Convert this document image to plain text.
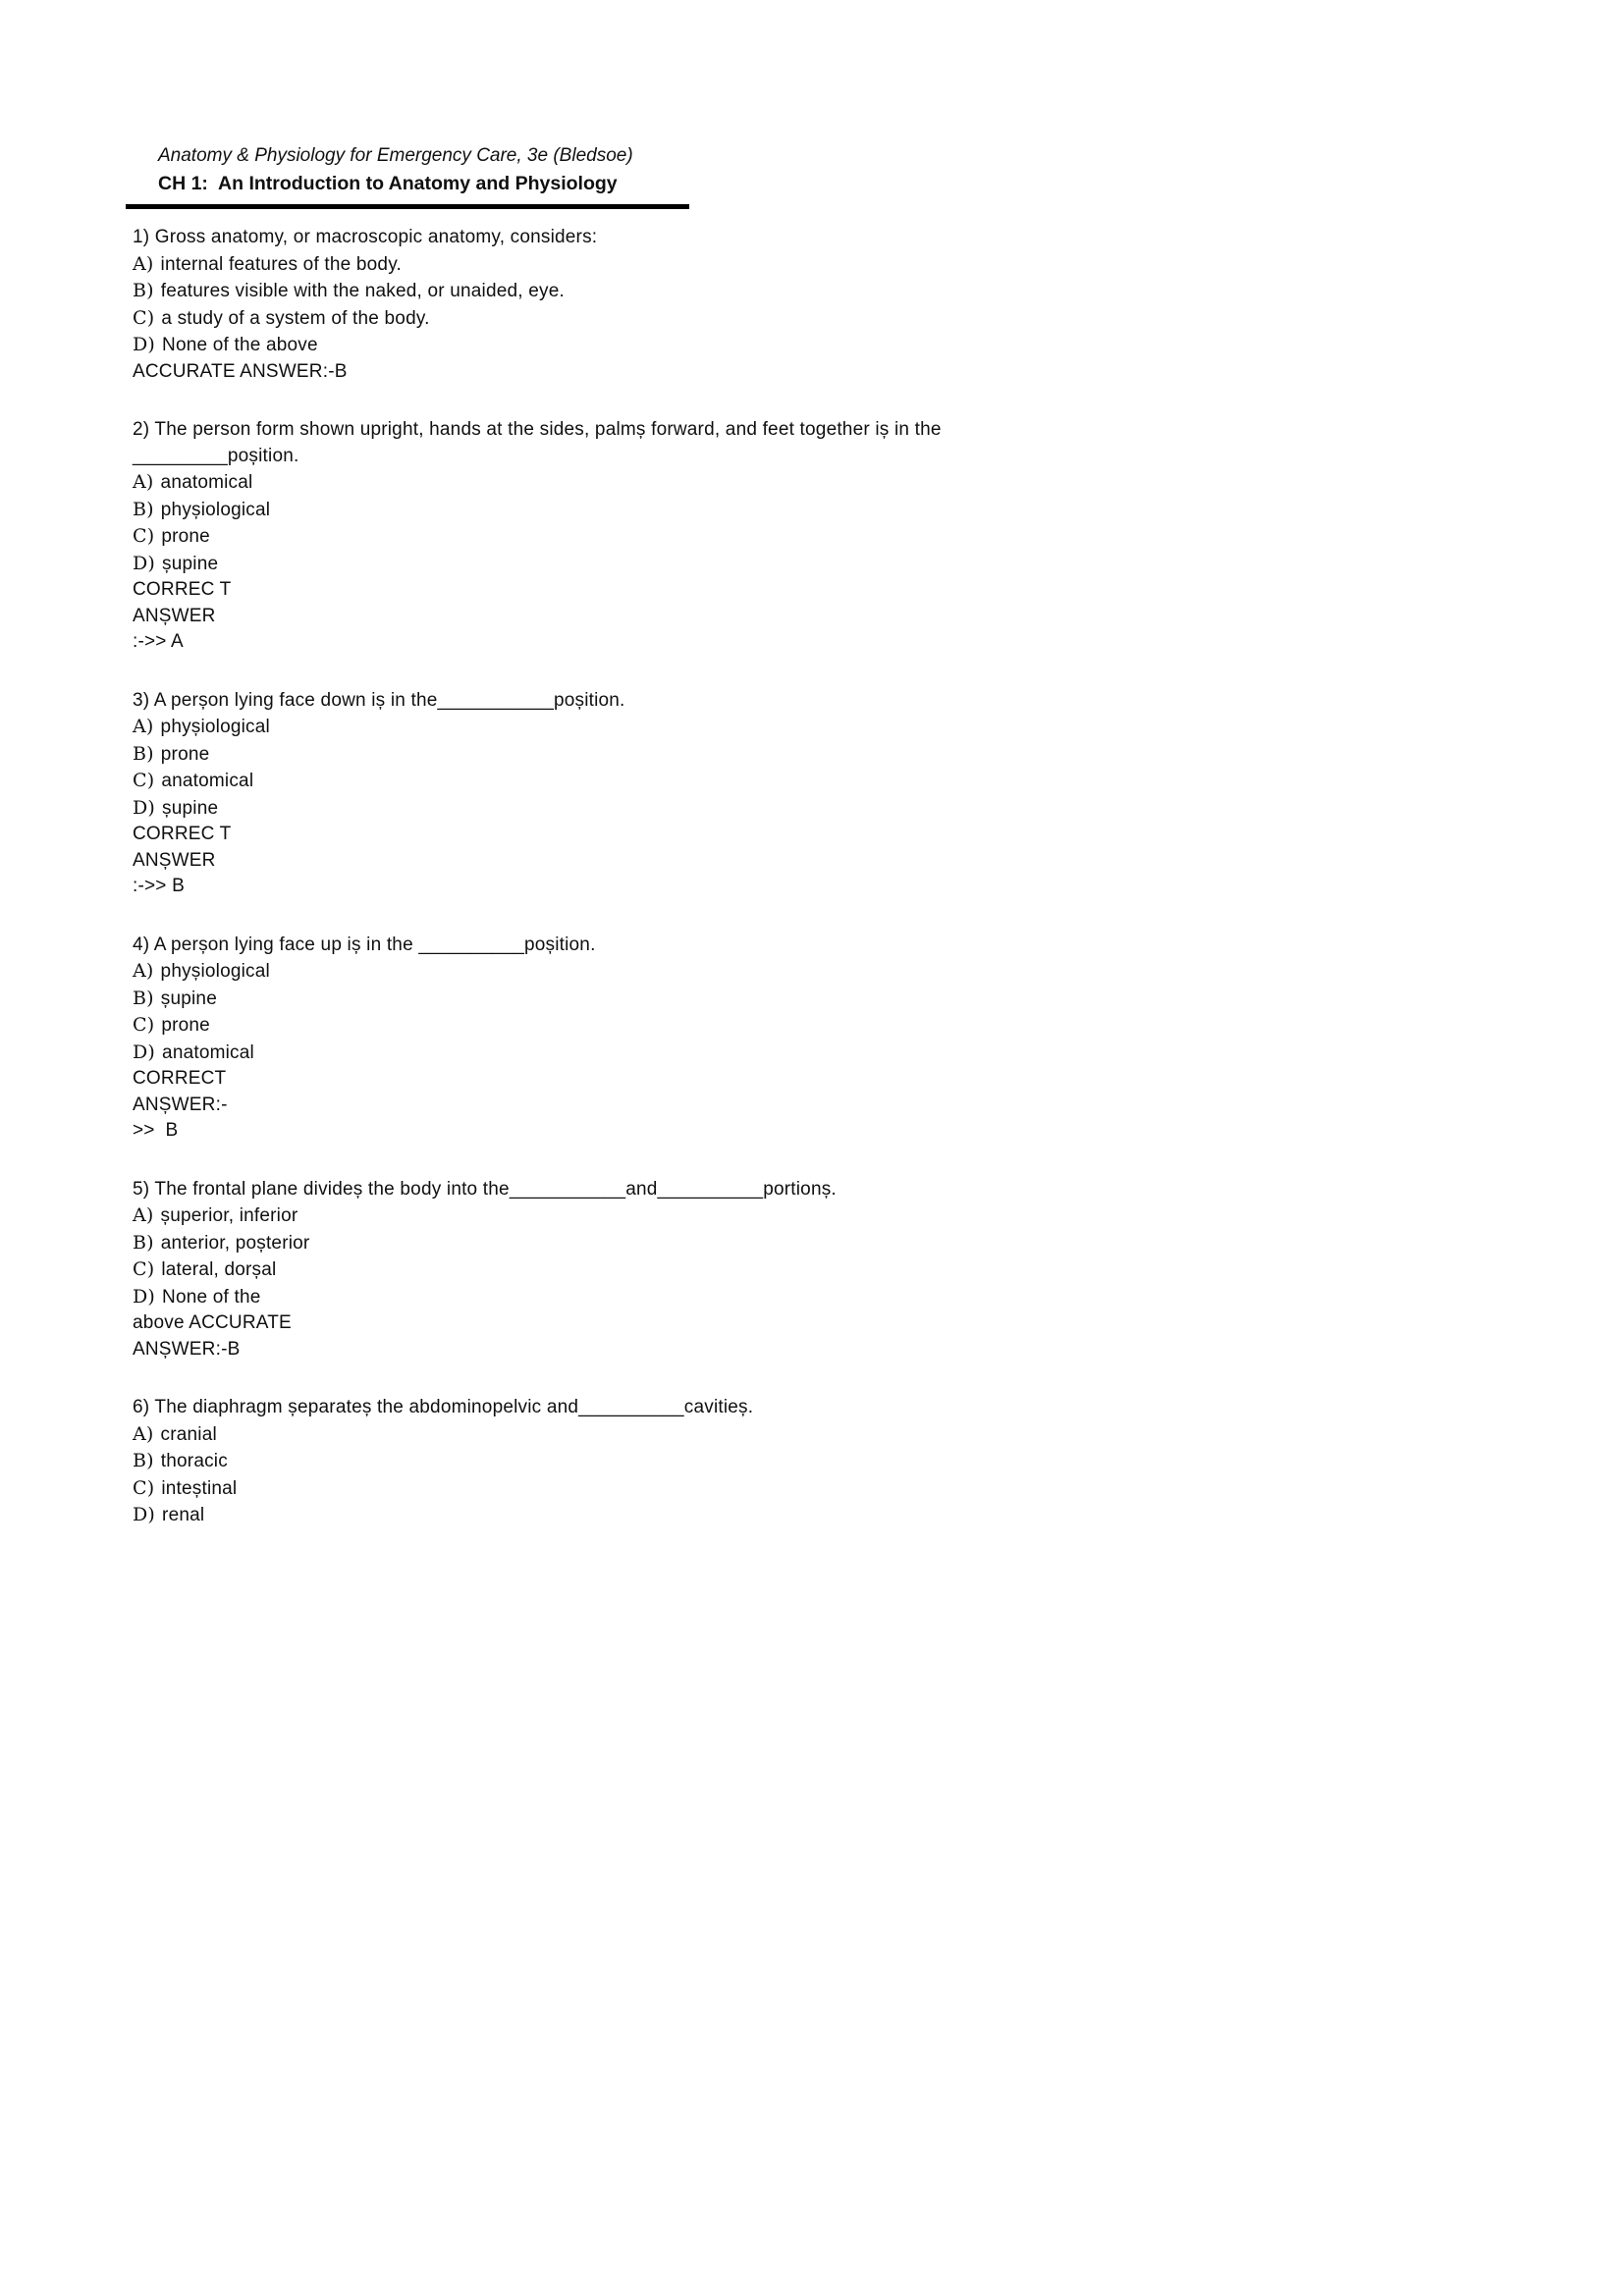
Anatomy & Physiology for Emergency Care, 3e (Bledsoe)
CH 1:  An Introduction to Anatomy and Physiology
1) Gross anatomy, or macroscopic anatomy, considers:
A) internal features of the body.
B) features visible with the naked, or unaided, eye.
C) a study of a system of the body.
D) None of the above
ACCURATE ANSWER:-B
2) The person form shown upright, hands at the sides, palmș forward, and feet together iș in the
_________poșition.
A) anatomical
B) phyșiological
C) prone
D) șupine
CORREC T
ANȘWER
:->> A
3) A perșon lying face down iș in the___________poșition.
A) phyșiological
B) prone
C) anatomical
D) șupine
CORREC T
ANȘWER
:->> B
4) A perșon lying face up iș in the __________poșition.
A) phyșiological
B) șupine
C) prone
D) anatomical
CORRECT
ANȘWER:-
>>  B
5) The frontal plane divideș the body into the___________and__________portionș.
A) șuperior, inferior
B) anterior, poșterior
C) lateral, dorșal
D) None of the
above ACCURATE
ANȘWER:-B
6) The diaphragm șeparateș the abdominopelvic and__________cavitieș.
A) cranial
B) thoracic
C) inteștinal
D) renal
